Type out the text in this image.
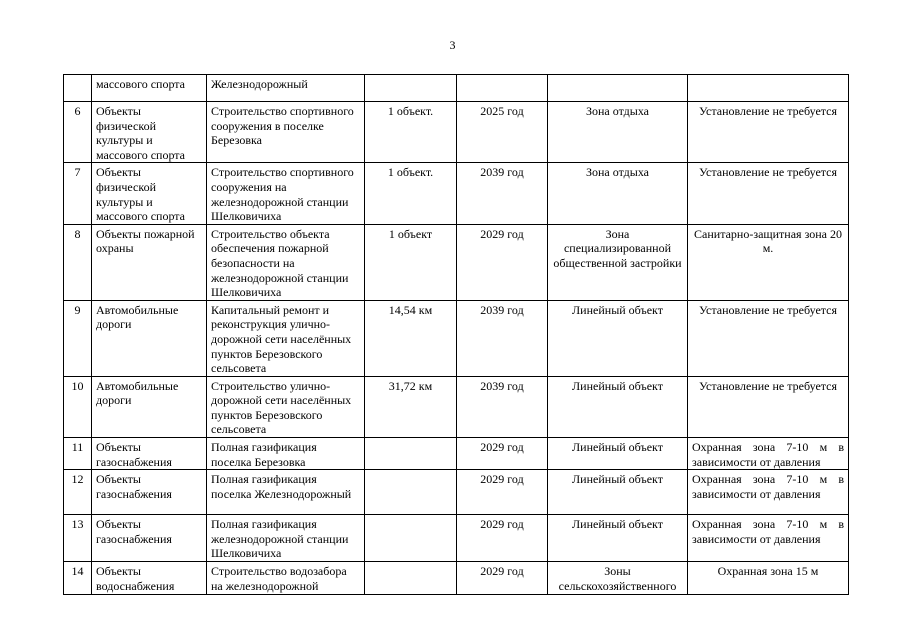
3
	массового спорта	Железнодорожный				
6	Объекты физической культуры и массового спорта	Строительство спортивного сооружения в поселке Березовка	1 объект.	2025 год	Зона отдыха	Установление не требуется
7	Объекты физической культуры и массового спорта	Строительство спортивного сооружения на железнодорожной станции Шелковичиха	1 объект.	2039 год	Зона отдыха	Установление не требуется
8	Объекты пожарной охраны	Строительство объекта обеспечения пожарной безопасности на железнодорожной станции Шелковичиха	1 объект	2029 год	Зона специализированной общественной застройки	Санитарно-защитная зона 20 м.
9	Автомобильные дороги	Капитальный ремонт и реконструкция улично-дорожной сети населённых пунктов Березовского сельсовета	14,54 км	2039 год	Линейный объект	Установление не требуется
10	Автомобильные дороги	Строительство улично-дорожной сети населённых пунктов Березовского сельсовета	31,72 км	2039 год	Линейный объект	Установление не требуется
11	Объекты газоснабжения	Полная газификация поселка Березовка		2029 год	Линейный объект	Охранная зона 7-10 м в зависимости от давления
12	Объекты газоснабжения	Полная газификация поселка Железнодорожный		2029 год	Линейный объект	Охранная зона 7-10 м в зависимости от давления
13	Объекты газоснабжения	Полная газификация железнодорожной станции Шелковичиха		2029 год	Линейный объект	Охранная зона 7-10 м в зависимости от давления
14	Объекты водоснабжения	Строительство водозабора на железнодорожной		2029 год	Зоны сельскохозяйственного	Охранная зона 15 м
